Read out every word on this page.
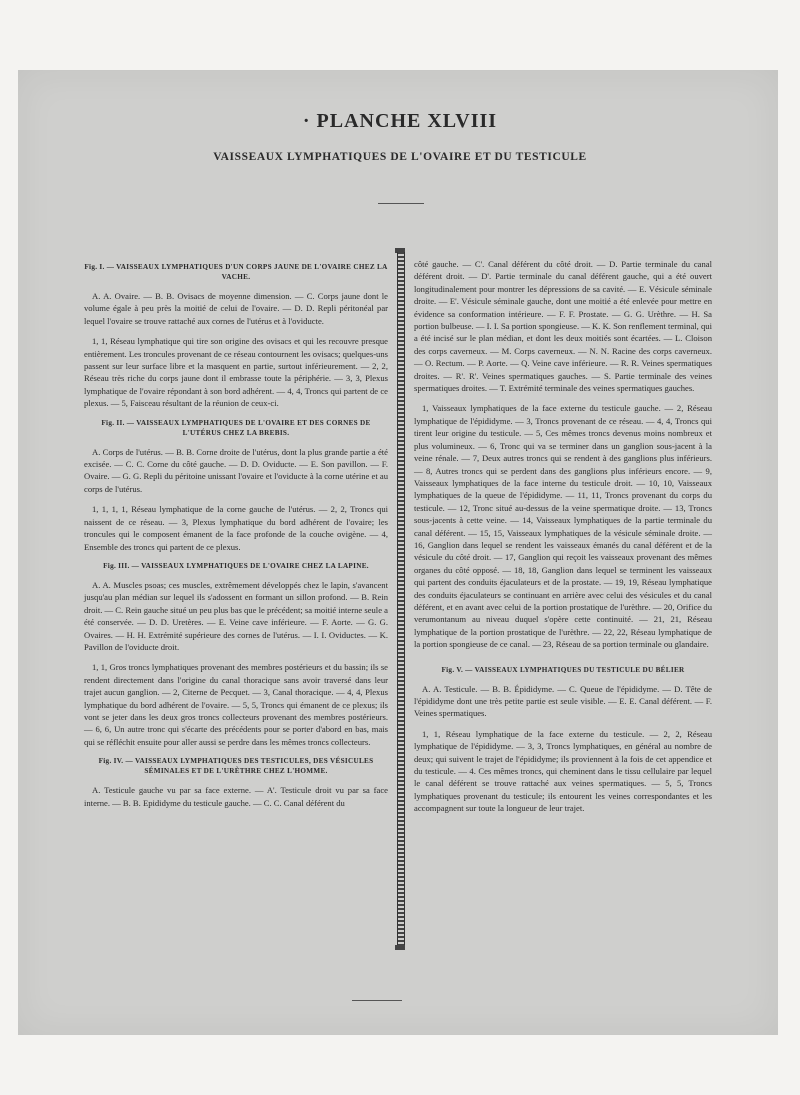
· PLANCHE XLVIII
VAISSEAUX LYMPHATIQUES DE L'OVAIRE ET DU TESTICULE
Fig. I. — VAISSEAUX LYMPHATIQUES D'UN CORPS JAUNE DE L'OVAIRE CHEZ LA VACHE.

A. A. Ovaire. — B. B. Ovisacs de moyenne dimension. — C. Corps jaune dont le volume égale à peu près la moitié de celui de l'ovaire. — D. D. Repli péritonéal par lequel l'ovaire se trouve rattaché aux cornes de l'utérus et à l'oviducte.

1, 1, Réseau lymphatique qui tire son origine des ovisacs et qui les recouvre presque entièrement. Les troncules provenant de ce réseau contournent les ovisacs; quelques-uns passent sur leur surface libre et la masquent en partie, surtout inférieurement. — 2, 2, Réseau très riche du corps jaune dont il embrasse toute la périphérie. — 3, 3, Plexus lymphatique de l'ovaire répondant à son bord adhérent. — 4, 4, Troncs qui partent de ce plexus. — 5, Faisceau résultant de la réunion de ceux-ci.

Fig. II. — VAISSEAUX LYMPHATIQUES DE L'OVAIRE ET DES CORNES DE L'UTÉRUS CHEZ LA BREBIS.

A. Corps de l'utérus. — B. B. Corne droite de l'utérus, dont la plus grande partie a été excisée. — C. C. Corne du côté gauche. — D. D. Oviducte. — E. Son pavillon. — F. Ovaire. — G. G. Repli du péritoine unissant l'ovaire et l'oviducte à la corne utérine et au corps de l'utérus.

1, 1, 1, 1, Réseau lymphatique de la corne gauche de l'utérus. — 2, 2, Troncs qui naissent de ce réseau. — 3, Plexus lymphatique du bord adhérent de l'ovaire; les troncules qui le composent émanent de la face profonde de la couche ovigène. — 4, Ensemble des troncs qui partent de ce plexus.

Fig. III. — VAISSEAUX LYMPHATIQUES DE L'OVAIRE CHEZ LA LAPINE.

A. A. Muscles psoas; ces muscles, extrêmement développés chez le lapin, s'avancent jusqu'au plan médian sur lequel ils s'adossent en formant un sillon profond. — B. Rein droit. — C. Rein gauche situé un peu plus bas que le précédent; sa moitié interne seule a été conservée. — D. D. Uretères. — E. Veine cave inférieure. — F. Aorte. — G. G. Ovaires. — H. H. Extrémité supérieure des cornes de l'utérus. — I. I. Oviductes. — K. Pavillon de l'oviducte droit.

1, 1, Gros troncs lymphatiques provenant des membres postérieurs et du bassin; ils se rendent directement dans l'origine du canal thoracique sans avoir traversé dans leur trajet aucun ganglion. — 2, Citerne de Pecquet. — 3, Canal thoracique. — 4, 4, Plexus lymphatique du bord adhérent de l'ovaire. — 5, 5, Troncs qui émanent de ce plexus; ils vont se jeter dans les deux gros troncs collecteurs provenant des membres postérieurs. — 6, 6, Un autre tronc qui s'écarte des précédents pour se porter d'abord en bas, mais qui se réfléchit ensuite pour aller aussi se perdre dans les mêmes troncs collecteurs.

Fig. IV. — VAISSEAUX LYMPHATIQUES DES TESTICULES, DES VÉSICULES SÉMINALES ET DE L'URÈTHRE CHEZ L'HOMME.

A. Testicule gauche vu par sa face externe. — A'. Testicule droit vu par sa face interne. — B. B. Epididyme du testicule gauche. — C. C. Canal déférent du

côté gauche. — C'. Canal déférent du côté droit. — D. Partie terminale du canal déférent droit. — D'. Partie terminale du canal déférent gauche, qui a été ouvert longitudinalement pour montrer les dépressions de sa cavité. — E. Vésicule séminale droite. — E'. Vésicule séminale gauche, dont une moitié a été enlevée pour mettre en évidence sa conformation intérieure. — F. F. Prostate. — G. G. Urèthre. — H. Sa portion bulbeuse. — I. I. Sa portion spongieuse. — K. K. Son renflement terminal, qui a été incisé sur le plan médian, et dont les deux moitiés sont écartées. — L. Cloison des corps caverneux. — M. Corps caverneux. — N. N. Racine des corps caverneux. — O. Rectum. — P. Aorte. — Q. Veine cave inférieure. — R. R. Veines spermatiques droites. — R'. R'. Veines spermatiques gauches. — S. Partie terminale des veines spermatiques droites. — T. Extrémité terminale des veines spermatiques gauches.

1, Vaisseaux lymphatiques de la face externe du testicule gauche. — 2, Réseau lymphatique de l'épididyme. — 3, Troncs provenant de ce réseau. — 4, 4, Troncs qui tirent leur origine du testicule. — 5, Ces mêmes troncs devenus moins nombreux et plus volumineux. — 6, Tronc qui va se terminer dans un ganglion sous-jacent à la veine rénale. — 7, Deux autres troncs qui se rendent à des ganglions plus inférieurs. — 8, Autres troncs qui se perdent dans des ganglions plus inférieurs encore. — 9, Vaisseaux lymphatiques de la face interne du testicule droit. — 10, 10, Vaisseaux lymphatiques de la queue de l'épididyme. — 11, 11, Troncs provenant du corps du testicule. — 12, Tronc situé au-dessus de la veine spermatique droite. — 13, Troncs sous-jacents à cette veine. — 14, Vaisseaux lymphatiques de la partie terminale du canal déférent. — 15, 15, Vaisseaux lymphatiques de la vésicule séminale droite. — 16, Ganglion dans lequel se rendent les vaisseaux émanés du canal déférent et de la vésicule du côté droit. — 17, Ganglion qui reçoit les vaisseaux provenant des mêmes organes du côté opposé. — 18, 18, Ganglion dans lequel se terminent les vaisseaux qui partent des conduits éjaculateurs et de la prostate. — 19, 19, Réseau lymphatique des conduits éjaculateurs se continuant en arrière avec celui des vésicules et du canal déférent, et en avant avec celui de la portion prostatique de l'urèthre. — 20, Orifice du verumontanum au niveau duquel s'opère cette continuité. — 21, 21, Réseau lymphatique de la portion prostatique de l'urèthre. — 22, 22, Réseau lymphatique de la portion spongieuse de ce canal. — 23, Réseau de sa portion terminale ou glandaire.

Fig. V. — VAISSEAUX LYMPHATIQUES DU TESTICULE DU BÉLIER

A. A. Testicule. — B. B. Épididyme. — C. Queue de l'épididyme. — D. Tête de l'épididyme dont une très petite partie est seule visible. — E. E. Canal déférent. — F. Veines spermatiques.

1, 1, Réseau lymphatique de la face externe du testicule. — 2, 2, Réseau lymphatique de l'épididyme. — 3, 3, Troncs lymphatiques, en général au nombre de deux; qui suivent le trajet de l'épididyme; ils proviennent à la fois de cet appendice et du testicule. — 4. Ces mêmes troncs, qui cheminent dans le tissu cellulaire par lequel le canal déférent se trouve rattaché aux veines spermatiques. — 5, 5, Troncs lymphatiques provenant du testicule; ils entourent les veines correspondantes et les accompagnent sur toute la longueur de leur trajet.
